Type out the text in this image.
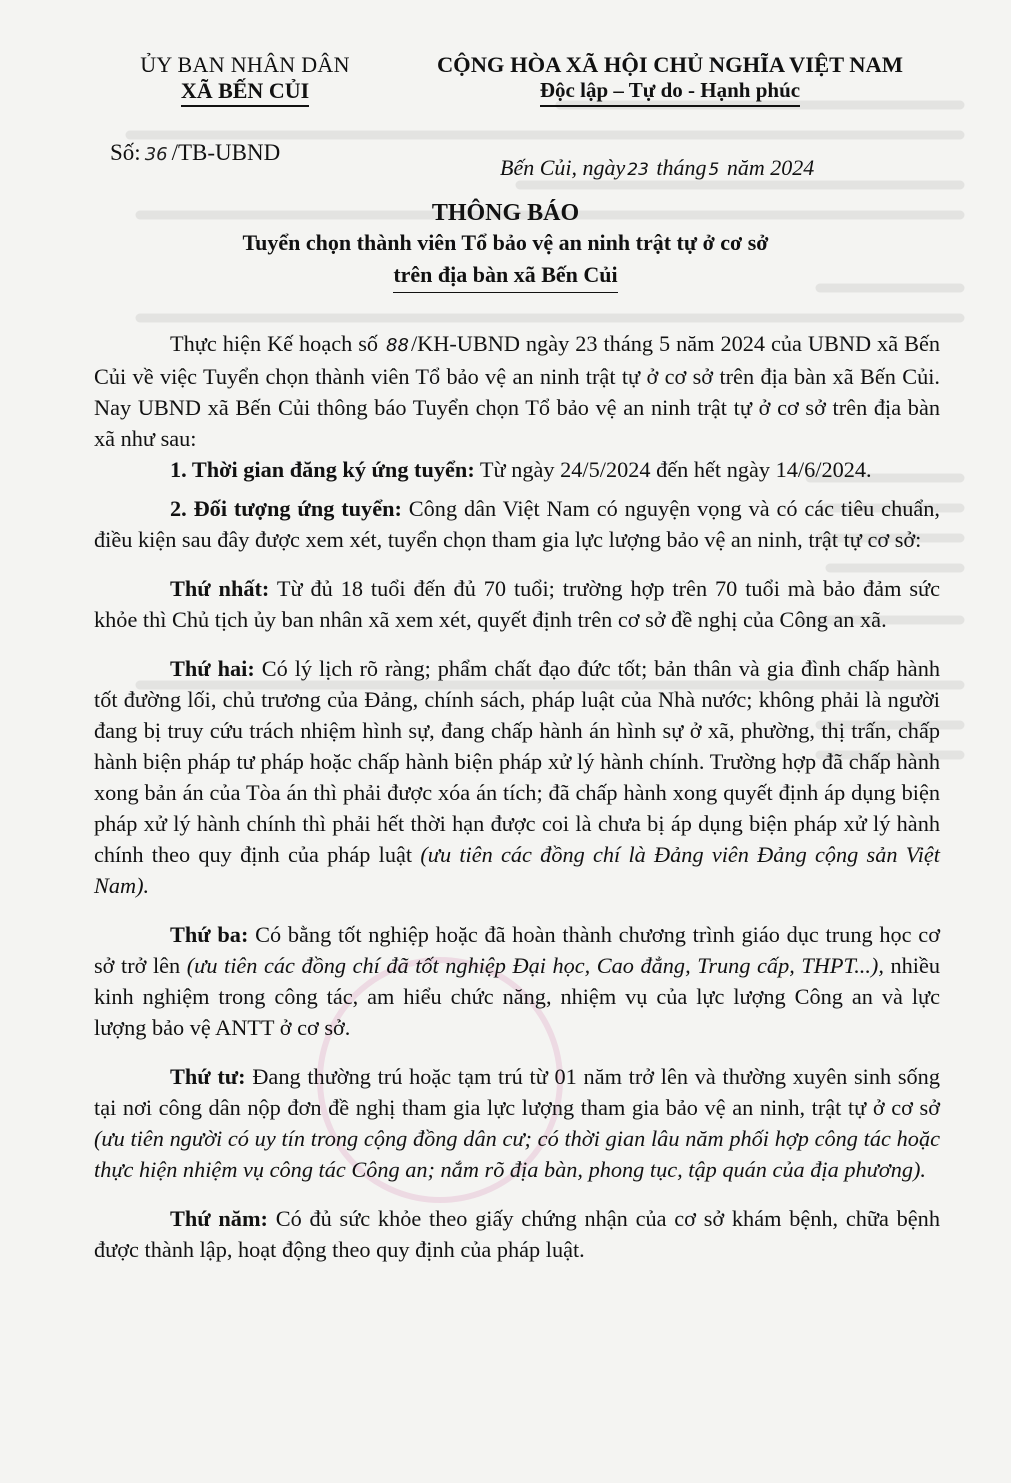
ỦY BAN NHÂN DÂN
XÃ BẾN CỦI
Số: 36 /TB-UBND
CỘNG HÒA XÃ HỘI CHỦ NGHĨA VIỆT NAM
Độc lập – Tự do - Hạnh phúc
Bến Củi, ngày 23 tháng 5 năm 2024
THÔNG BÁO
Tuyển chọn thành viên Tổ bảo vệ an ninh trật tự ở cơ sở
trên địa bàn xã Bến Củi

Thực hiện Kế hoạch số 88/KH-UBND ngày 23 tháng 5 năm 2024 của UBND xã Bến Củi về việc Tuyển chọn thành viên Tổ bảo vệ an ninh trật tự ở cơ sở trên địa bàn xã Bến Củi. Nay UBND xã Bến Củi thông báo Tuyển chọn Tổ bảo vệ an ninh trật tự ở cơ sở trên địa bàn xã như sau:

1. Thời gian đăng ký ứng tuyển: Từ ngày 24/5/2024 đến hết ngày 14/6/2024.

2. Đối tượng ứng tuyển: Công dân Việt Nam có nguyện vọng và có các tiêu chuẩn, điều kiện sau đây được xem xét, tuyển chọn tham gia lực lượng bảo vệ an ninh, trật tự cơ sở:

Thứ nhất: Từ đủ 18 tuổi đến đủ 70 tuổi; trường hợp trên 70 tuổi mà bảo đảm sức khỏe thì Chủ tịch ủy ban nhân xã xem xét, quyết định trên cơ sở đề nghị của Công an xã.

Thứ hai: Có lý lịch rõ ràng; phẩm chất đạo đức tốt; bản thân và gia đình chấp hành tốt đường lối, chủ trương của Đảng, chính sách, pháp luật của Nhà nước; không phải là người đang bị truy cứu trách nhiệm hình sự, đang chấp hành án hình sự ở xã, phường, thị trấn, chấp hành biện pháp tư pháp hoặc chấp hành biện pháp xử lý hành chính. Trường hợp đã chấp hành xong bản án của Tòa án thì phải được xóa án tích; đã chấp hành xong quyết định áp dụng biện pháp xử lý hành chính thì phải hết thời hạn được coi là chưa bị áp dụng biện pháp xử lý hành chính theo quy định của pháp luật (ưu tiên các đồng chí là Đảng viên Đảng cộng sản Việt Nam).

Thứ ba: Có bằng tốt nghiệp hoặc đã hoàn thành chương trình giáo dục trung học cơ sở trở lên (ưu tiên các đồng chí đã tốt nghiệp Đại học, Cao đẳng, Trung cấp, THPT...), nhiều kinh nghiệm trong công tác, am hiểu chức năng, nhiệm vụ của lực lượng Công an và lực lượng bảo vệ ANTT ở cơ sở.

Thứ tư: Đang thường trú hoặc tạm trú từ 01 năm trở lên và thường xuyên sinh sống tại nơi công dân nộp đơn đề nghị tham gia lực lượng tham gia bảo vệ an ninh, trật tự ở cơ sở (ưu tiên người có uy tín trong cộng đồng dân cư; có thời gian lâu năm phối hợp công tác hoặc thực hiện nhiệm vụ công tác Công an; nắm rõ địa bàn, phong tục, tập quán của địa phương).

Thứ năm: Có đủ sức khỏe theo giấy chứng nhận của cơ sở khám bệnh, chữa bệnh được thành lập, hoạt động theo quy định của pháp luật.
